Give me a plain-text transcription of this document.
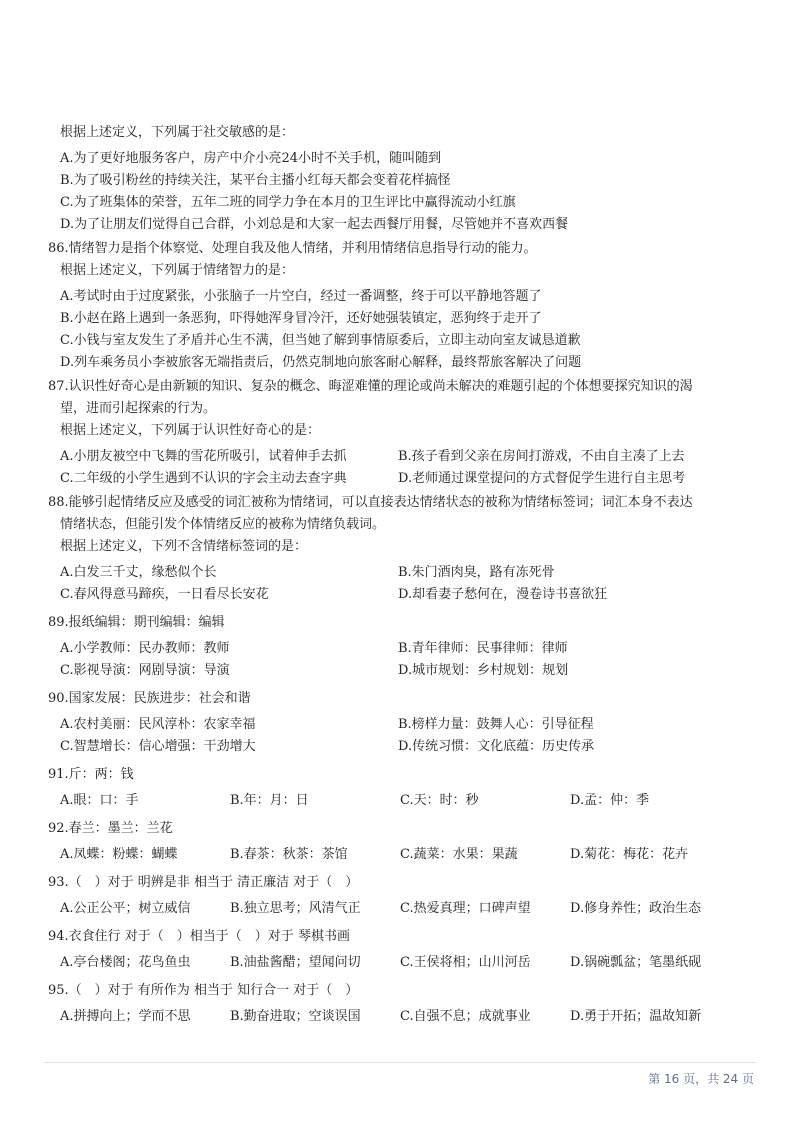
根据上述定义，下列属于社交敏感的是：
A.为了更好地服务客户，房产中介小亮24小时不关手机，随叫随到
B.为了吸引粉丝的持续关注，某平台主播小红每天都会变着花样搞怪
C.为了班集体的荣誉，五年二班的同学力争在本月的卫生评比中赢得流动小红旗
D.为了让朋友们觉得自己合群，小刘总是和大家一起去西餐厅用餐，尽管她并不喜欢西餐
86.情绪智力是指个体察觉、处理自我及他人情绪，并利用情绪信息指导行动的能力。
根据上述定义，下列属于情绪智力的是：
A.考试时由于过度紧张，小张脑子一片空白，经过一番调整，终于可以平静地答题了
B.小赵在路上遇到一条恶狗，吓得她浑身冒冷汗，还好她强装镇定，恶狗终于走开了
C.小钱与室友发生了矛盾并心生不满，但当她了解到事情原委后，立即主动向室友诚恳道歉
D.列车乘务员小李被旅客无端指责后，仍然克制地向旅客耐心解释，最终帮旅客解决了问题
87.认识性好奇心是由新颖的知识、复杂的概念、晦涩难懂的理论或尚未解决的难题引起的个体想要探究知识的渴
望，进而引起探索的行为。
根据上述定义，下列属于认识性好奇心的是：
A.小朋友被空中飞舞的雪花所吸引，试着伸手去抓	B.孩子看到父亲在房间打游戏，不由自主凑了上去
C.二年级的小学生遇到不认识的字会主动去查字典	D.老师通过课堂提问的方式督促学生进行自主思考
88.能够引起情绪反应及感受的词汇被称为情绪词，可以直接表达情绪状态的被称为情绪标签词；词汇本身不表达
情绪状态，但能引发个体情绪反应的被称为情绪负载词。
根据上述定义，下列不含情绪标签词的是：
A.白发三千丈，缘愁似个长	B.朱门酒肉臭，路有冻死骨
C.春风得意马蹄疾，一日看尽长安花	D.却看妻子愁何在，漫卷诗书喜欲狂
89.报纸编辑：期刊编辑：编辑
A.小学教师：民办教师：教师	B.青年律师：民事律师：律师
C.影视导演：网剧导演：导演	D.城市规划：乡村规划：规划
90.国家发展：民族进步：社会和谐
A.农村美丽：民风淳朴：农家幸福	B.榜样力量：鼓舞人心：引导征程
C.智慧增长：信心增强：干劲增大	D.传统习惯：文化底蕴：历史传承
91.斤：两：钱
A.眼：口：手	B.年：月：日	C.天：时：秒	D.孟：仲：季
92.春兰：墨兰：兰花
A.凤蝶：粉蝶：蝴蝶	B.春茶：秋茶：茶馆	C.蔬菜：水果：果蔬	D.菊花：梅花：花卉
93.（　）对于 明辨是非 相当于 清正廉洁 对于（　）
A.公正公平；树立威信	B.独立思考；风清气正	C.热爱真理；口碑声望	D.修身养性；政治生态
94.衣食住行 对于（　）相当于（　）对于 琴棋书画
A.亭台楼阁；花鸟鱼虫	B.油盐酱醋；望闻问切	C.王侯将相；山川河岳	D.锅碗瓢盆；笔墨纸砚
95.（　）对于 有所作为 相当于 知行合一 对于（　）
A.拼搏向上；学而不思	B.勤奋进取；空谈误国	C.自强不息；成就事业	D.勇于开拓；温故知新
第 16 页，共 24 页
